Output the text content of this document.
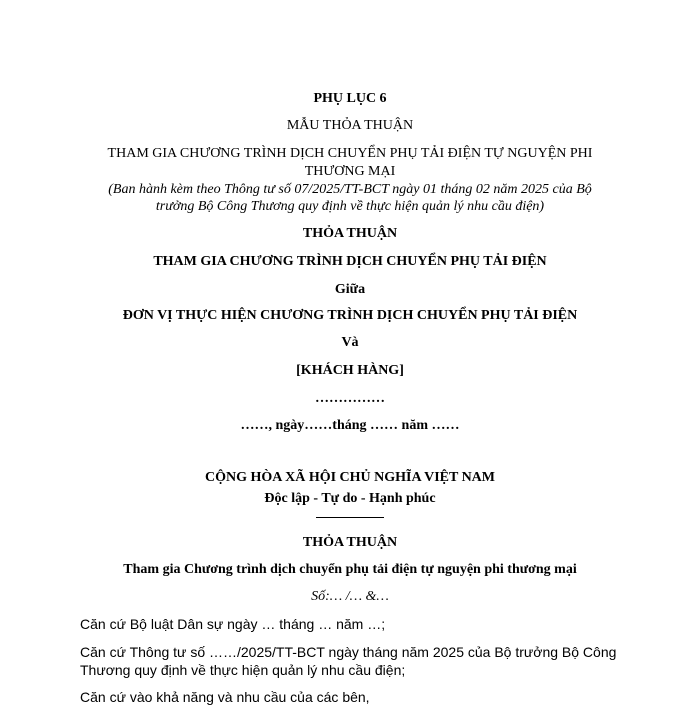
PHỤ LỤC 6
MẪU THỎA THUẬN
THAM GIA CHƯƠNG TRÌNH DỊCH CHUYỂN PHỤ TẢI ĐIỆN TỰ NGUYỆN PHI
THƯƠNG MẠI
(Ban hành kèm theo Thông tư số 07/2025/TT-BCT ngày 01 tháng 02 năm 2025 của Bộ
trưởng Bộ Công Thương quy định về thực hiện quản lý nhu cầu điện)
THỎA THUẬN
THAM GIA CHƯƠNG TRÌNH DỊCH CHUYỂN PHỤ TẢI ĐIỆN
Giữa
ĐƠN VỊ THỰC HIỆN CHƯƠNG TRÌNH DỊCH CHUYỂN PHỤ TẢI ĐIỆN
Và
[KHÁCH HÀNG]
……………
……, ngày……tháng …… năm ……
CỘNG HÒA XÃ HỘI CHỦ NGHĨA VIỆT NAM
Độc lập - Tự do - Hạnh phúc
THỎA THUẬN
Tham gia Chương trình dịch chuyển phụ tải điện tự nguyện phi thương mại
Số:… /… &…
Căn cứ Bộ luật Dân sự ngày … tháng … năm …;
Căn cứ Thông tư số ……/2025/TT-BCT ngày tháng năm 2025 của Bộ trưởng Bộ Công
Thương quy định về thực hiện quản lý nhu cầu điện;
Căn cứ vào khả năng và nhu cầu của các bên,
